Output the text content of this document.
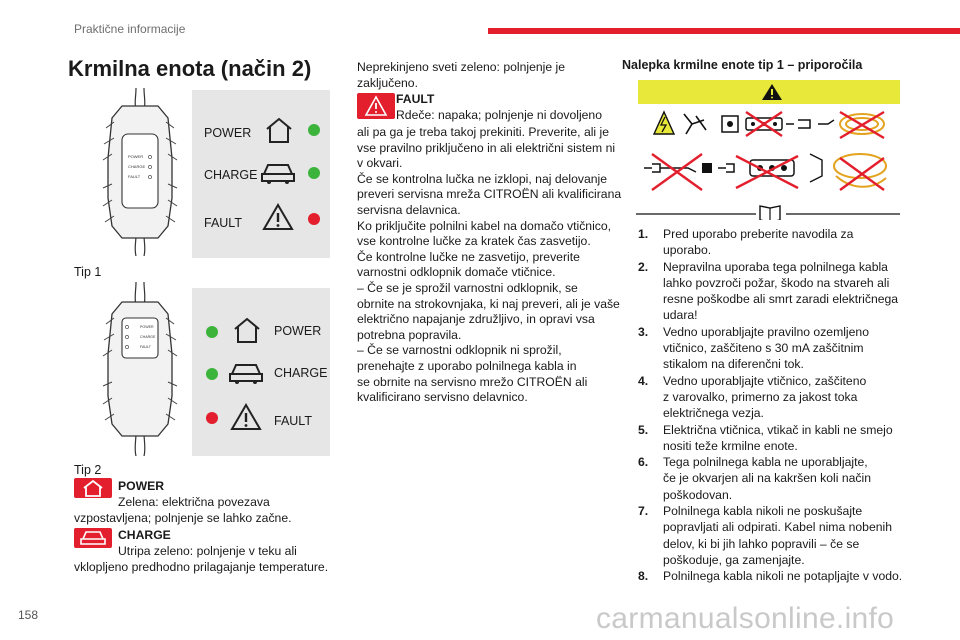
Praktične informacije
Krmilna enota (način 2)
POWER
CHARGE
FAULT
POWER
CHARGE
FAULT
Tip 1
POWER
CHARGE
FAULT
POWER
CHARGE
FAULT
Tip 2
POWER
Zelena: električna povezava
vzpostavljena; polnjenje se lahko začne.
CHARGE
Utripa zeleno: polnjenje v teku ali
vklopljeno predhodno prilagajanje temperature.
Neprekinjeno sveti zeleno: polnjenje je
zaključeno.
FAULT
Rdeče: napaka; polnjenje ni dovoljeno
ali pa ga je treba takoj prekiniti. Preverite, ali je
vse pravilno priključeno in ali električni sistem ni
v okvari.
Če se kontrolna lučka ne izklopi, naj delovanje
preveri servisna mreža CITROËN ali kvalificirana
servisna delavnica.
Ko priključite polnilni kabel na domačo vtičnico,
vse kontrolne lučke za kratek čas zasvetijo.
Če kontrolne lučke ne zasvetijo, preverite
varnostni odklopnik domače vtičnice.
– Če se je sprožil varnostni odklopnik, se
obrnite na strokovnjaka, ki naj preveri, ali je vaše
električno napajanje združljivo, in opravi vsa
potrebna popravila.
– Če se varnostni odklopnik ni sprožil,
prenehajte z uporabo polnilnega kabla in
se obrnite na servisno mrežo CITROËN ali
kvalificirano servisno delavnico.
Nalepka krmilne enote tip 1 – priporočila
1. Pred uporabo preberite navodila za
uporabo.
2. Nepravilna uporaba tega polnilnega kabla
lahko povzroči požar, škodo na stvareh ali
resne poškodbe ali smrt zaradi električnega
udara!
3. Vedno uporabljajte pravilno ozemljeno
vtičnico, zaščiteno s 30 mA zaščitnim
stikalom na diferenčni tok.
4. Vedno uporabljajte vtičnico, zaščiteno
z varovalko, primerno za jakost toka
električnega vezja.
5. Električna vtičnica, vtikač in kabli ne smejo
nositi teže krmilne enote.
6. Tega polnilnega kabla ne uporabljajte,
če je okvarjen ali na kakršen koli način
poškodovan.
7. Polnilnega kabla nikoli ne poskušajte
popravljati ali odpirati. Kabel nima nobenih
delov, ki bi jih lahko popravili – če se
poškoduje, ga zamenjajte.
8. Polnilnega kabla nikoli ne potapljajte v vodo.
158	carmanualsonline.info
